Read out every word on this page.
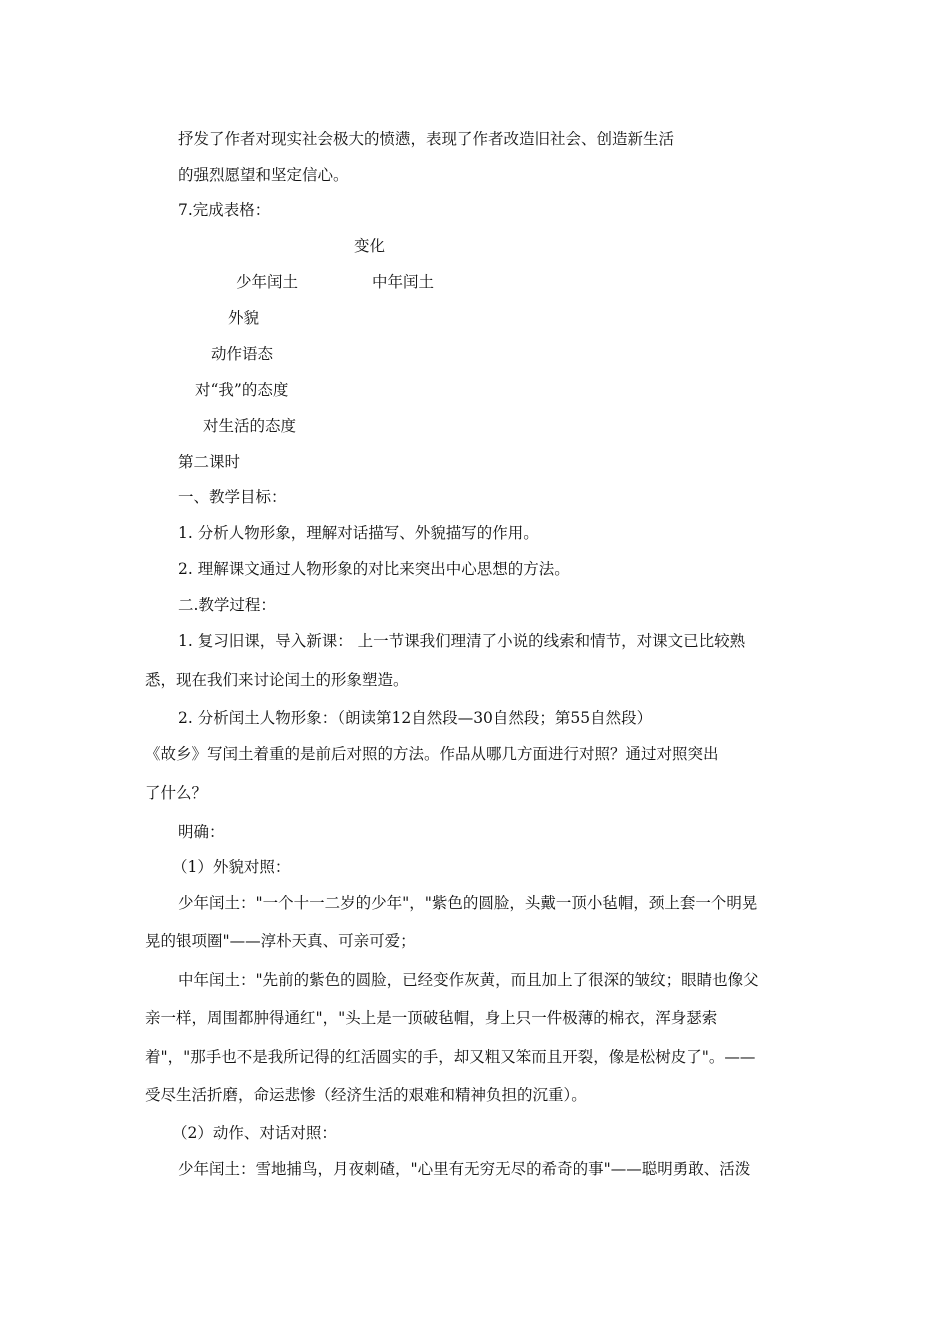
抒发了作者对现实社会极大的愤懑，表现了作者改造旧社会、创造新生活
的强烈愿望和坚定信心。
7.完成表格：
变化
少年闰土	中年闰土
外貌
动作语态
对“我”的态度
对生活的态度
第二课时
一、教学目标：
1. 分析人物形象，理解对话描写、外貌描写的作用。
2. 理解课文通过人物形象的对比来突出中心思想的方法。
二.教学过程：
1. 复习旧课，导入新课： 上一节课我们理清了小说的线索和情节，对课文已比较熟
悉，现在我们来讨论闰土的形象塑造。
2. 分析闰土人物形象：（朗读第12自然段—30自然段；第55自然段）
《故乡》写闰土着重的是前后对照的方法。作品从哪几方面进行对照？通过对照突出
了什么？
明确：
（1）外貌对照：
少年闰土："一个十一二岁的少年"，"紫色的圆脸，头戴一顶小毡帽，颈上套一个明晃
晃的银项圈"——淳朴天真、可亲可爱；
中年闰土："先前的紫色的圆脸，已经变作灰黄，而且加上了很深的皱纹；眼睛也像父
亲一样，周围都肿得通红"，"头上是一顶破毡帽，身上只一件极薄的棉衣，浑身瑟索
着"，"那手也不是我所记得的红活圆实的手，却又粗又笨而且开裂，像是松树皮了"。——
受尽生活折磨，命运悲惨（经济生活的艰难和精神负担的沉重）。
（2）动作、对话对照：
少年闰土：雪地捕鸟，月夜刺碴，"心里有无穷无尽的希奇的事"——聪明勇敢、活泼
